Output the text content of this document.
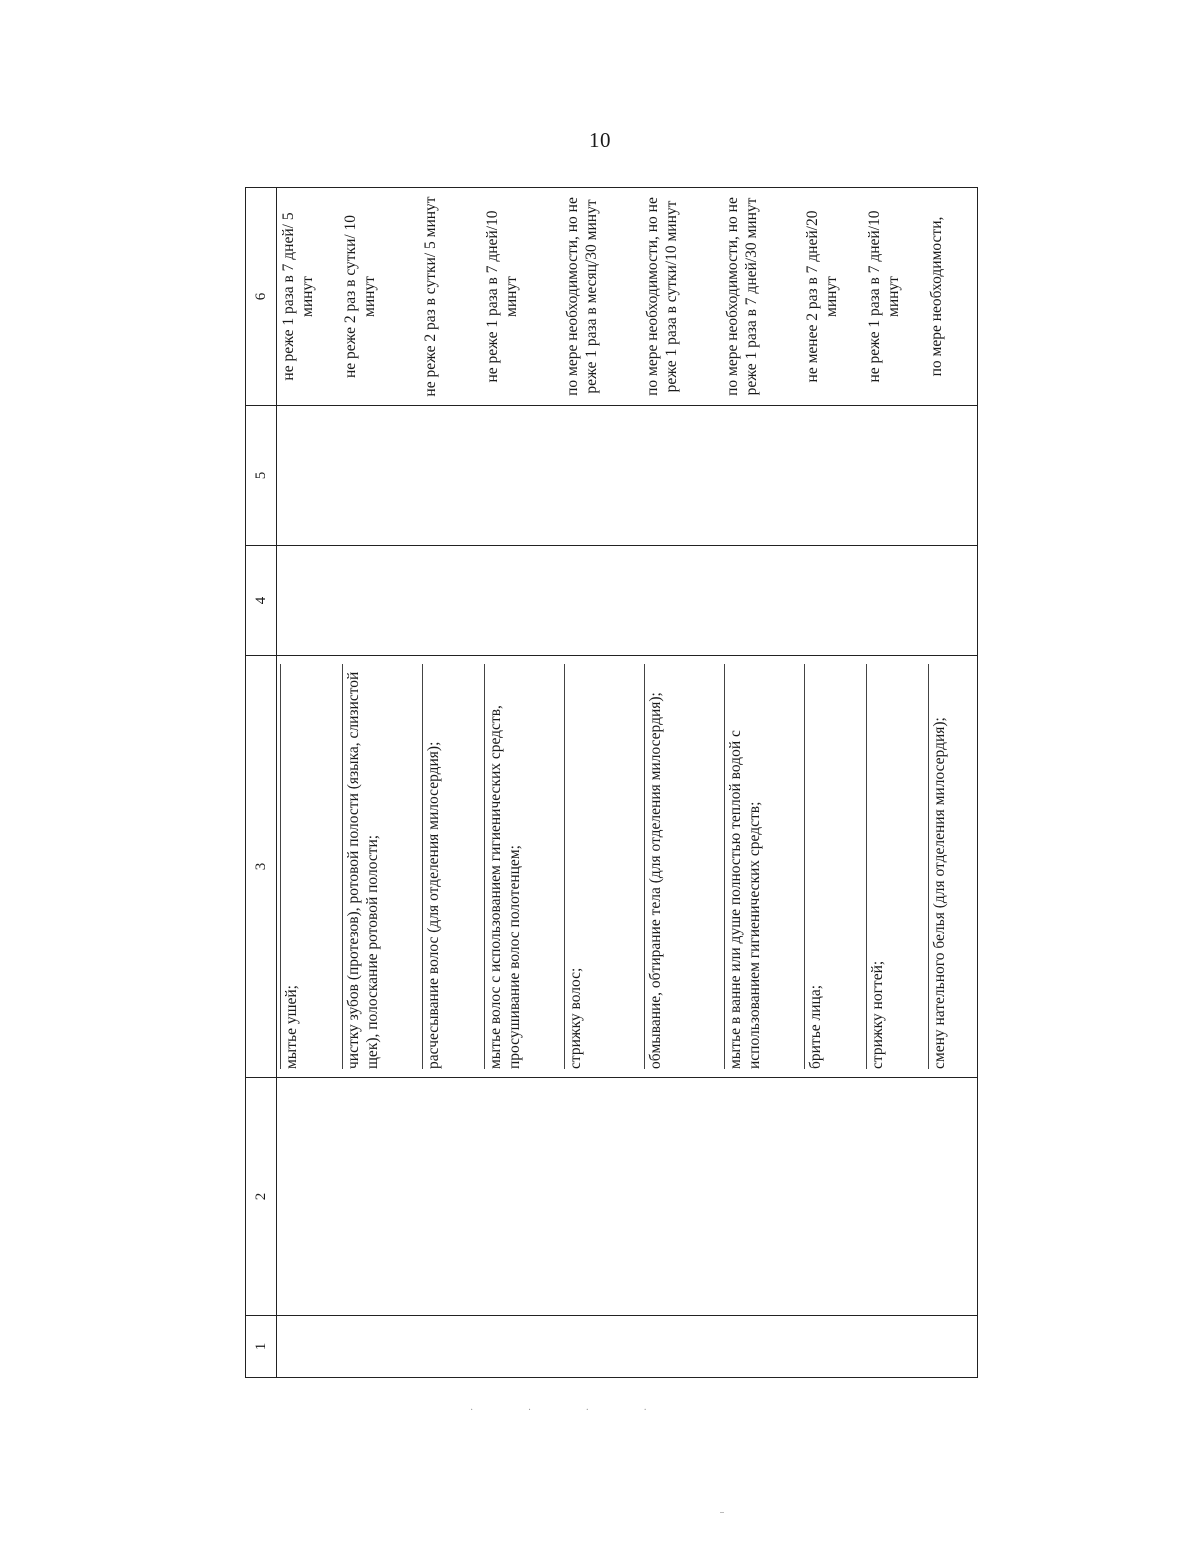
10
1	2	3	4	5	6

		мытье ушей;			не реже 1 раза в 7 дней/ 5 минут

		чистку зубов (протезов), ротовой полости (языка, слизистой щек), полоскание ротовой полости;			не реже 2 раз в сутки/ 10 минут

		расчесывание волос (для отделения милосердия);			не реже 2 раз в сутки/ 5 минут

		мытье волос с использованием гигиенических средств, просушивание волос полотенцем;			не реже 1 раза в 7 дней/10 минут

		стрижку волос;			по мере необходимости, но не реже 1 раза в месяц/30 минут

		обмывание, обтирание тела (для отделения милосердия);			по мере необходимости, но не реже 1 раза в сутки/10 минут

		мытье в ванне или душе полностью теплой водой с использованием гигиенических средств;			по мере необходимости, но не реже 1 раза в 7 дней/30 минут

		бритье лица;			не менее 2 раз в 7 дней/20 минут

		стрижку ногтей;			не реже 1 раза в 7 дней/10 минут

		смену нательного белья (для отделения милосердия);			по мере необходимости,
· · · ·
